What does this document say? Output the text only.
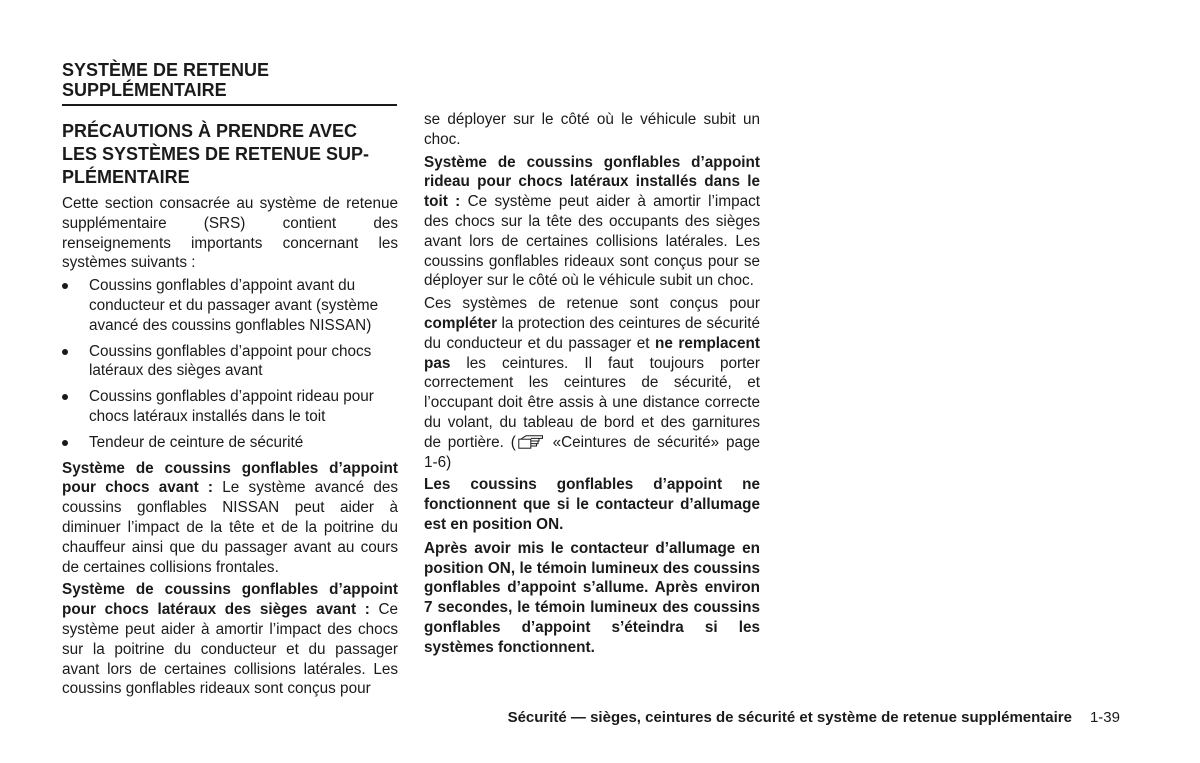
SYSTÈME DE RETENUE
SUPPLÉMENTAIRE
PRÉCAUTIONS À PRENDRE AVEC
LES SYSTÈMES DE RETENUE SUP-
PLÉMENTAIRE

Cette section consacrée au système de retenue supplémentaire (SRS) contient des renseignements importants concernant les systèmes suivants :

Coussins gonflables d’appoint avant du conducteur et du passager avant (système avancé des coussins gonflables NISSAN)
Coussins gonflables d’appoint pour chocs latéraux des sièges avant
Coussins gonflables d’appoint rideau pour chocs latéraux installés dans le toit
Tendeur de ceinture de sécurité

Système de coussins gonflables d’appoint pour chocs avant : Le système avancé des coussins gonflables NISSAN peut aider à diminuer l’impact de la tête et de la poitrine du chauffeur ainsi que du passager avant au cours de certaines collisions frontales.

Système de coussins gonflables d’appoint pour chocs latéraux des sièges avant : Ce système peut aider à amortir l’impact des chocs sur la poitrine du conducteur et du passager avant lors de certaines collisions latérales. Les coussins gonflables rideaux sont conçus pour

se déployer sur le côté où le véhicule subit un choc.

Système de coussins gonflables d’appoint rideau pour chocs latéraux installés dans le toit : Ce système peut aider à amortir l’impact des chocs sur la tête des occupants des sièges avant lors de certaines collisions latérales. Les coussins gonflables rideaux sont conçus pour se déployer sur le côté où le véhicule subit un choc.

Ces systèmes de retenue sont conçus pour compléter la protection des ceintures de sécurité du conducteur et du passager et ne remplacent pas les ceintures. Il faut toujours porter correctement les ceintures de sécurité, et l’occupant doit être assis à une distance correcte du volant, du tableau de bord et des garnitures de portière. ( «Ceintures de sécurité» page 1-6)

Les coussins gonflables d’appoint ne fonctionnent que si le contacteur d’allumage est en position ON.

Après avoir mis le contacteur d’allumage en position ON, le témoin lumineux des coussins gonflables d’appoint s’allume. Après environ 7 secondes, le témoin lumineux des coussins gonflables d’appoint s’éteindra si les systèmes fonctionnent.

Sécurité — sièges, ceintures de sécurité et système de retenue supplémentaire 1-39
